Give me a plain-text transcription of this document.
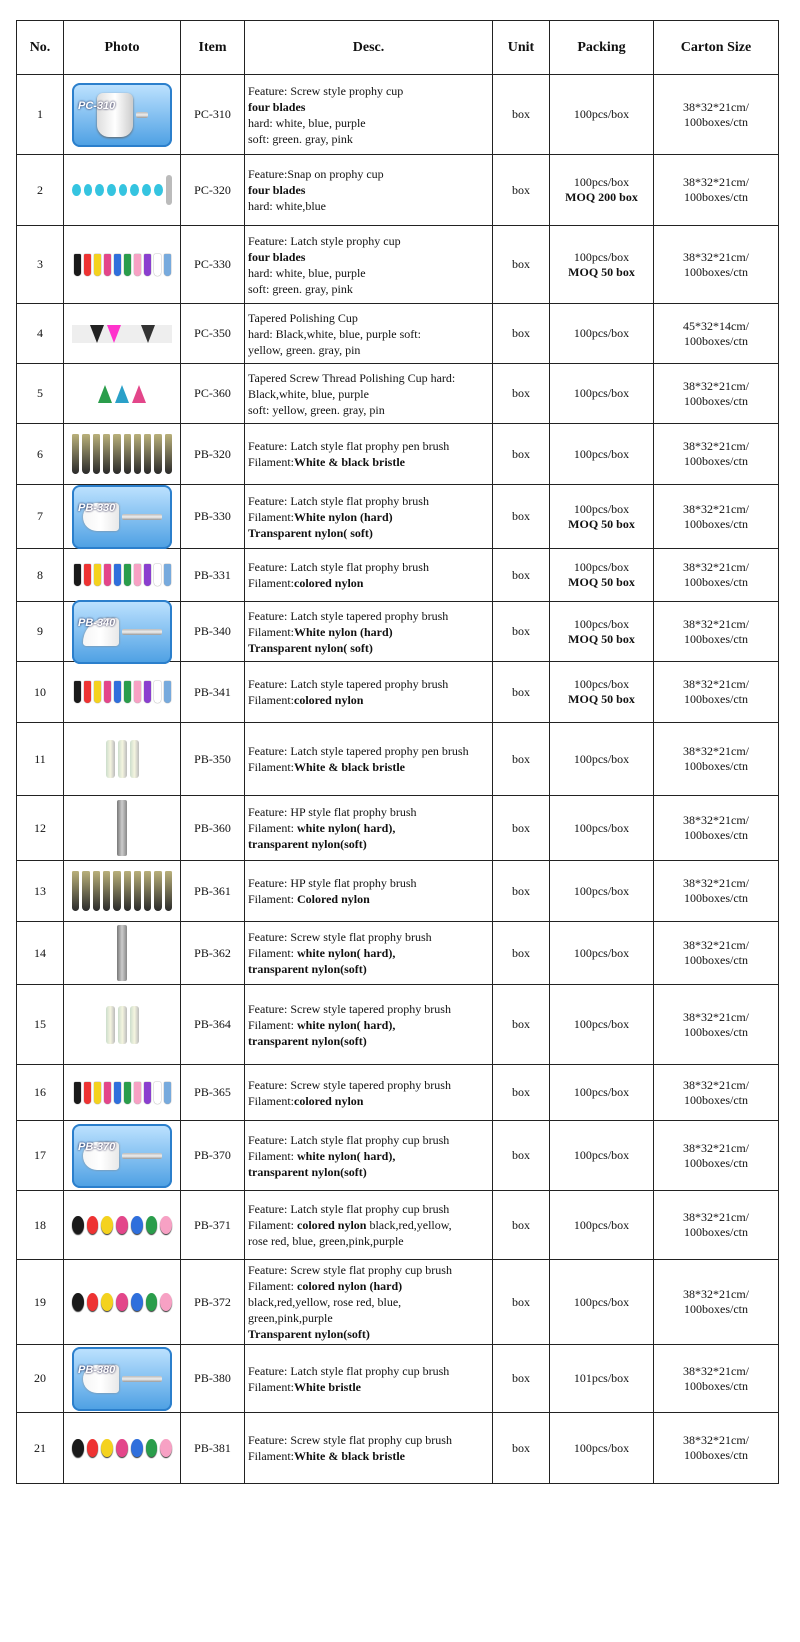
No.	Photo	Item	Desc.	Unit	Packing	Carton Size
1	PC-310	PC-310	Feature: Screw style prophy cup
four blades
hard: white, blue, purple
soft: green. gray, pink	box	100pcs/box	38*32*21cm/
100boxes/ctn

2		PC-320	Feature:Snap on prophy cup
four blades
hard: white,blue	box	100pcs/box
MOQ 200 box	38*32*21cm/
100boxes/ctn

3		PC-330	Feature: Latch style prophy cup
four blades
hard: white, blue, purple
soft: green. gray, pink	box	100pcs/box
MOQ 50 box	38*32*21cm/
100boxes/ctn

4		PC-350	Tapered Polishing Cup
hard: Black,white, blue, purple soft:
yellow, green. gray, pin	box	100pcs/box	45*32*14cm/
100boxes/ctn

5		PC-360	Tapered Screw Thread Polishing Cup hard:
Black,white, blue, purple
soft: yellow, green. gray, pin	box	100pcs/box	38*32*21cm/
100boxes/ctn

6		PB-320	Feature: Latch style flat prophy pen brush
Filament:White & black bristle	box	100pcs/box	38*32*21cm/
100boxes/ctn

7	PB-330	PB-330	Feature: Latch style flat prophy brush
Filament:White nylon (hard)
Transparent nylon( soft)	box	100pcs/box
MOQ 50 box	38*32*21cm/
100boxes/ctn

8		PB-331	Feature: Latch style flat prophy brush
Filament:colored nylon	box	100pcs/box
MOQ 50 box	38*32*21cm/
100boxes/ctn

9	PB-340	PB-340	Feature: Latch style tapered prophy brush
Filament:White nylon (hard)
Transparent nylon( soft)	box	100pcs/box
MOQ 50 box	38*32*21cm/
100boxes/ctn

10		PB-341	Feature: Latch style tapered prophy brush
Filament:colored nylon	box	100pcs/box
MOQ 50 box	38*32*21cm/
100boxes/ctn

11		PB-350	Feature: Latch style tapered prophy pen brush
Filament:White & black bristle	box	100pcs/box	38*32*21cm/
100boxes/ctn

12		PB-360	Feature: HP style flat prophy brush
Filament: white nylon( hard),
transparent nylon(soft)	box	100pcs/box	38*32*21cm/
100boxes/ctn

13		PB-361	Feature: HP style flat prophy brush
Filament: Colored nylon	box	100pcs/box	38*32*21cm/
100boxes/ctn

14		PB-362	Feature: Screw style flat prophy brush
Filament: white nylon( hard),
transparent nylon(soft)	box	100pcs/box	38*32*21cm/
100boxes/ctn

15		PB-364	Feature: Screw style tapered prophy brush
Filament: white nylon( hard),
transparent nylon(soft)	box	100pcs/box	38*32*21cm/
100boxes/ctn

16		PB-365	Feature: Screw style tapered prophy brush
Filament:colored nylon	box	100pcs/box	38*32*21cm/
100boxes/ctn

17	PB-370	PB-370	Feature: Latch style flat prophy cup brush
Filament: white nylon( hard),
transparent nylon(soft)	box	100pcs/box	38*32*21cm/
100boxes/ctn

18		PB-371	Feature: Latch style flat prophy cup brush
Filament: colored nylon black,red,yellow,
rose red, blue, green,pink,purple	box	100pcs/box	38*32*21cm/
100boxes/ctn

19		PB-372	Feature: Screw style flat prophy cup brush
Filament: colored nylon (hard)
black,red,yellow, rose red, blue,
green,pink,purple
Transparent nylon(soft)	box	100pcs/box	38*32*21cm/
100boxes/ctn

20	PB-380	PB-380	Feature: Latch style flat prophy cup brush
Filament:White bristle	box	101pcs/box	38*32*21cm/
100boxes/ctn

21		PB-381	Feature: Screw style flat prophy cup brush
Filament:White & black bristle	box	100pcs/box	38*32*21cm/
100boxes/ctn
